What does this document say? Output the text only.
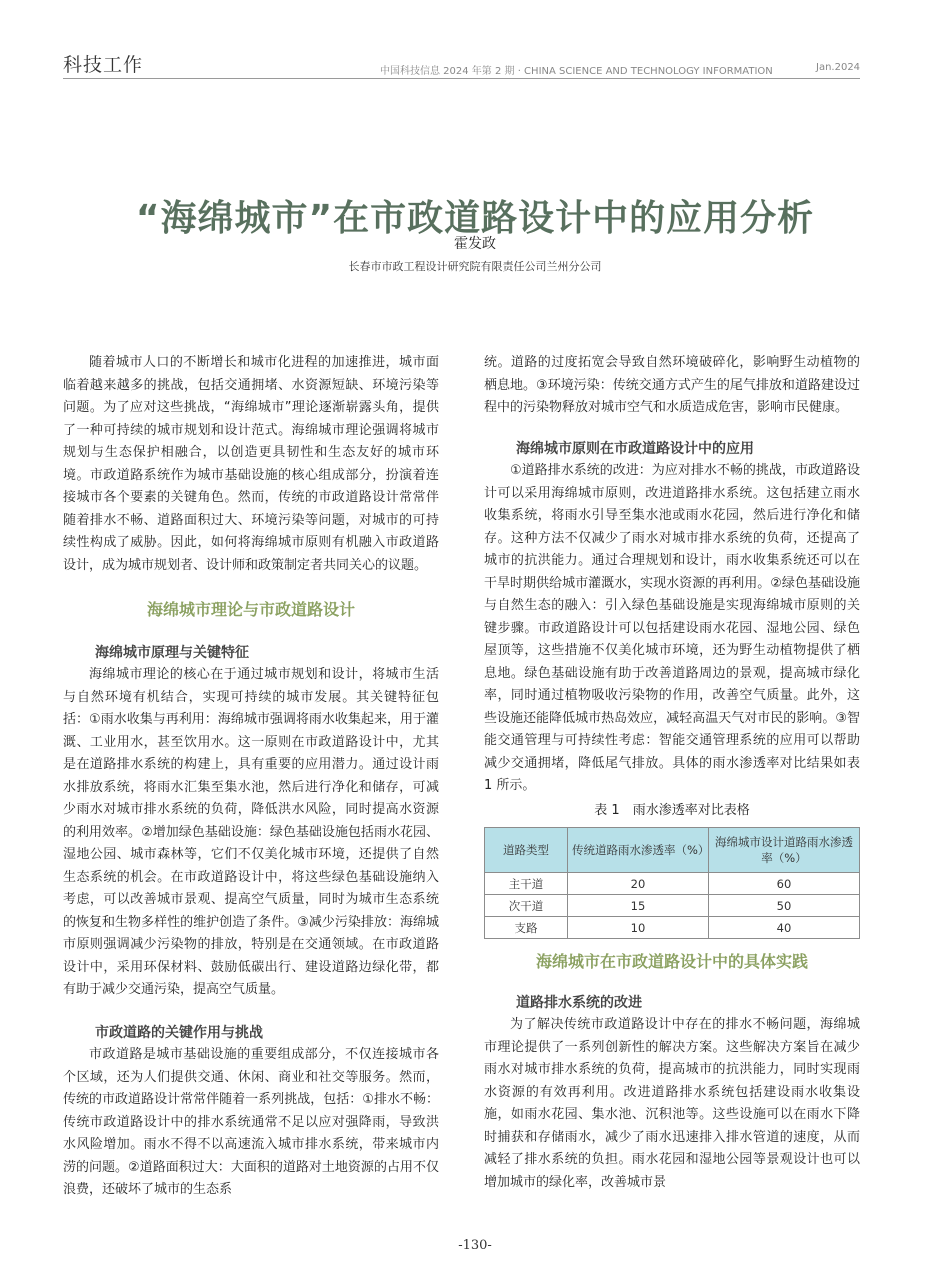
科技工作	中国科技信息 2024 年第 2 期 · CHINA SCIENCE AND TECHNOLOGY INFORMATION	Jan.2024
“海绵城市”在市政道路设计中的应用分析
霍发政
长春市市政工程设计研究院有限责任公司兰州分公司

随着城市人口的不断增长和城市化进程的加速推进，城市面临着越来越多的挑战，包括交通拥堵、水资源短缺、环境污染等问题。为了应对这些挑战，“海绵城市”理论逐渐崭露头角，提供了一种可持续的城市规划和设计范式。海绵城市理论强调将城市规划与生态保护相融合，以创造更具韧性和生态友好的城市环境。市政道路系统作为城市基础设施的核心组成部分，扮演着连接城市各个要素的关键角色。然而，传统的市政道路设计常常伴随着排水不畅、道路面积过大、环境污染等问题，对城市的可持续性构成了威胁。因此，如何将海绵城市原则有机融入市政道路设计，成为城市规划者、设计师和政策制定者共同关心的议题。

海绵城市理论与市政道路设计
海绵城市原理与关键特征

海绵城市理论的核心在于通过城市规划和设计，将城市生活与自然环境有机结合，实现可持续的城市发展。其关键特征包括：①雨水收集与再利用：海绵城市强调将雨水收集起来，用于灌溉、工业用水，甚至饮用水。这一原则在市政道路设计中，尤其是在道路排水系统的构建上，具有重要的应用潜力。通过设计雨水排放系统，将雨水汇集至集水池，然后进行净化和储存，可减少雨水对城市排水系统的负荷，降低洪水风险，同时提高水资源的利用效率。②增加绿色基础设施：绿色基础设施包括雨水花园、湿地公园、城市森林等，它们不仅美化城市环境，还提供了自然生态系统的机会。在市政道路设计中，将这些绿色基础设施纳入考虑，可以改善城市景观、提高空气质量，同时为城市生态系统的恢复和生物多样性的维护创造了条件。③减少污染排放：海绵城市原则强调减少污染物的排放，特别是在交通领域。在市政道路设计中，采用环保材料、鼓励低碳出行、建设道路边绿化带，都有助于减少交通污染，提高空气质量。

市政道路的关键作用与挑战

市政道路是城市基础设施的重要组成部分，不仅连接城市各个区域，还为人们提供交通、休闲、商业和社交等服务。然而，传统的市政道路设计常常伴随着一系列挑战，包括：①排水不畅：传统市政道路设计中的排水系统通常不足以应对强降雨，导致洪水风险增加。雨水不得不以高速流入城市排水系统，带来城市内涝的问题。②道路面积过大：大面积的道路对土地资源的占用不仅浪费，还破坏了城市的生态系

统。道路的过度拓宽会导致自然环境破碎化，影响野生动植物的栖息地。③环境污染：传统交通方式产生的尾气排放和道路建设过程中的污染物释放对城市空气和水质造成危害，影响市民健康。

海绵城市原则在市政道路设计中的应用

①道路排水系统的改进：为应对排水不畅的挑战，市政道路设计可以采用海绵城市原则，改进道路排水系统。这包括建立雨水收集系统，将雨水引导至集水池或雨水花园，然后进行净化和储存。这种方法不仅减少了雨水对城市排水系统的负荷，还提高了城市的抗洪能力。通过合理规划和设计，雨水收集系统还可以在干旱时期供给城市灌溉水，实现水资源的再利用。②绿色基础设施与自然生态的融入：引入绿色基础设施是实现海绵城市原则的关键步骤。市政道路设计可以包括建设雨水花园、湿地公园、绿色屋顶等，这些措施不仅美化城市环境，还为野生动植物提供了栖息地。绿色基础设施有助于改善道路周边的景观，提高城市绿化率，同时通过植物吸收污染物的作用，改善空气质量。此外，这些设施还能降低城市热岛效应，减轻高温天气对市民的影响。③智能交通管理与可持续性考虑：智能交通管理系统的应用可以帮助减少交通拥堵，降低尾气排放。具体的雨水渗透率对比结果如表 1 所示。

表 1　雨水渗透率对比表格
道路类型	传统道路雨水渗透率（%）	海绵城市设计道路雨水渗透率（%）
主干道	20	60
次干道	15	50
支路	10	40
海绵城市在市政道路设计中的具体实践
道路排水系统的改进

为了解决传统市政道路设计中存在的排水不畅问题，海绵城市理论提供了一系列创新性的解决方案。这些解决方案旨在减少雨水对城市排水系统的负荷，提高城市的抗洪能力，同时实现雨水资源的有效再利用。改进道路排水系统包括建设雨水收集设施，如雨水花园、集水池、沉积池等。这些设施可以在雨水下降时捕获和存储雨水，减少了雨水迅速排入排水管道的速度，从而减轻了排水系统的负担。雨水花园和湿地公园等景观设计也可以增加城市的绿化率，改善城市景

-130-
